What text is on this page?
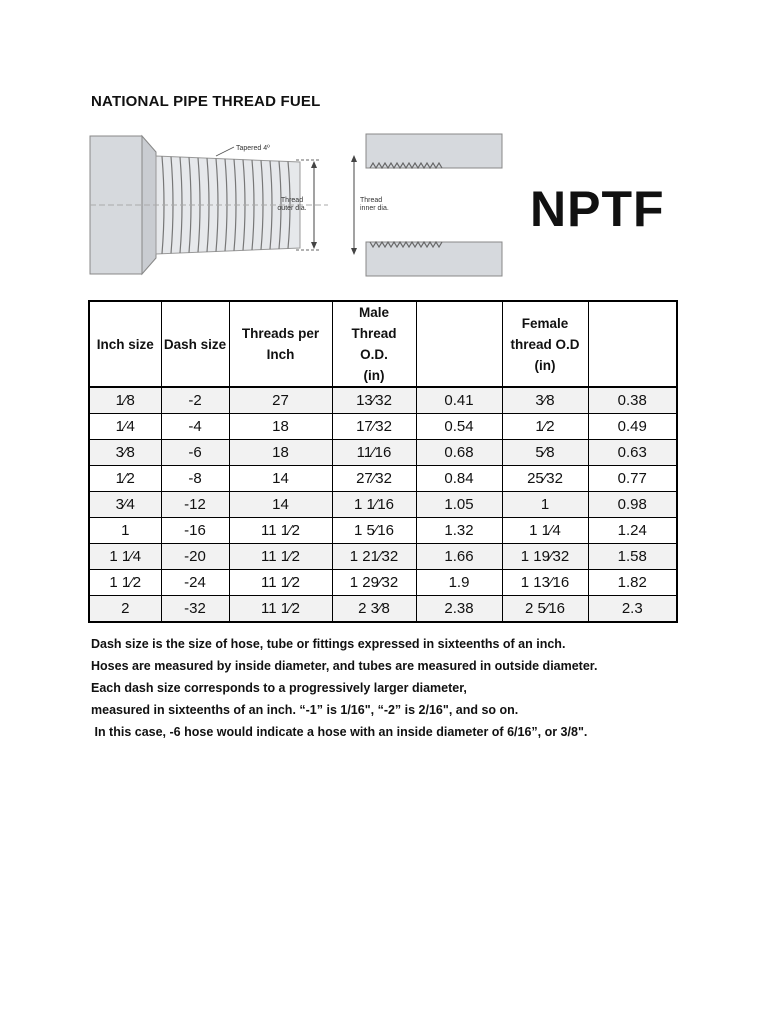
NATIONAL PIPE THREAD FUEL
Thread
outer dia.
Tapered 4º
Thread
inner dia.	NPTF
Inch size	Dash size	Threads per Inch	Male Thread O.D. (in)		Female thread O.D (in)	
1⁄8	-2	27	13⁄32	0.41	3⁄8	0.38
1⁄4	-4	18	17⁄32	0.54	1⁄2	0.49
3⁄8	-6	18	11⁄16	0.68	5⁄8	0.63
1⁄2	-8	14	27⁄32	0.84	25⁄32	0.77
3⁄4	-12	14	1 1⁄16	1.05	1	0.98
1	-16	11 1⁄2	1 5⁄16	1.32	1 1⁄4	1.24
1 1⁄4	-20	11 1⁄2	1 21⁄32	1.66	1 19⁄32	1.58
1 1⁄2	-24	11 1⁄2	1 29⁄32	1.9	1 13⁄16	1.82
2	-32	11 1⁄2	2 3⁄8	2.38	2 5⁄16	2.3

Dash size is the size of hose, tube or fittings expressed in sixteenths of an inch.

Hoses are measured by inside diameter, and tubes are measured in outside diameter.

Each dash size corresponds to a progressively larger diameter,

measured in sixteenths of an inch. “-1” is 1/16", “-2” is 2/16", and so on.

In this case, -6 hose would indicate a hose with an inside diameter of 6/16”, or 3/8".
